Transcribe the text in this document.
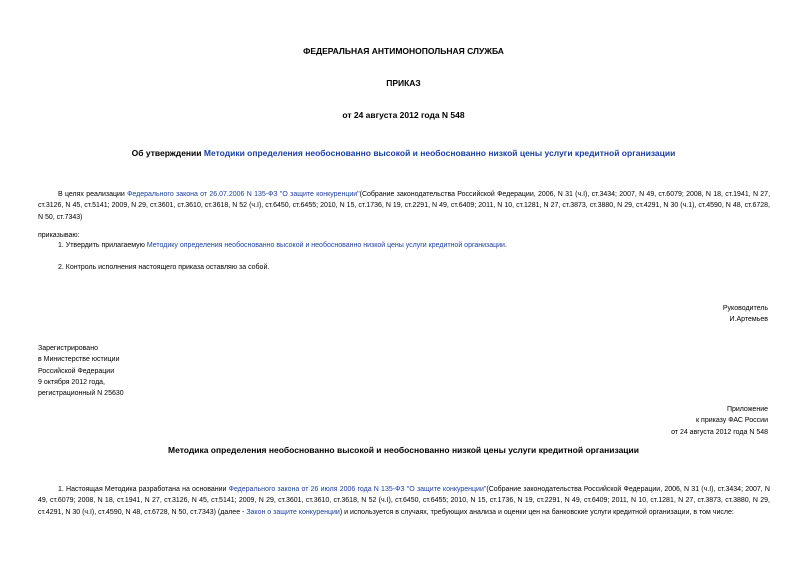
ФЕДЕРАЛЬНАЯ АНТИМОНОПОЛЬНАЯ СЛУЖБА
ПРИКАЗ
от 24 августа 2012 года N 548
Об утверждении Методики определения необоснованно высокой и необоснованно низкой цены услуги кредитной организации
В целях реализации Федерального закона от 26.07.2006 N 135-ФЗ "О защите конкуренции"(Собрание законодательства Российской Федерации, 2006, N 31 (ч.I), ст.3434; 2007, N 49, ст.6079; 2008, N 18, ст.1941, N 27, ст.3126, N 45, ст.5141; 2009, N 29, ст.3601, ст.3610, ст.3618, N 52 (ч.I), ст.6450, ст.6455; 2010, N 15, ст.1736, N 19, ст.2291, N 49, ст.6409; 2011, N 10, ст.1281, N 27, ст.3873, ст.3880, N 29, ст.4291, N 30 (ч.1), ст.4590, N 48, ст.6728, N 50, ст.7343)
приказываю:
1. Утвердить прилагаемую Методику определения необоснованно высокой и необоснованно низкой цены услуги кредитной организации.
2. Контроль исполнения настоящего приказа оставляю за собой.
Руководитель
И.Артемьев
Зарегистрировано
в Министерстве юстиции
Российской Федерации
9 октября 2012 года,
регистрационный N 25630
Приложение
к приказу ФАС России
от 24 августа 2012 года N 548
Методика определения необоснованно высокой и необоснованно низкой цены услуги кредитной организации
1. Настоящая Методика разработана на основании Федерального закона от 26 июля 2006 года N 135-ФЗ "О защите конкуренции"(Собрание законодательства Российской Федерации, 2006, N 31 (ч.I), ст.3434; 2007, N 49, ст.6079; 2008, N 18, ст.1941, N 27, ст.3126, N 45, ст.5141; 2009, N 29, ст.3601, ст.3610, ст.3618, N 52 (ч.I), ст.6450, ст.6455; 2010, N 15, ст.1736, N 19, ст.2291, N 49, ст.6409; 2011, N 10, ст.1281, N 27, ст.3873, ст.3880, N 29, ст.4291, N 30 (ч.I), ст.4590, N 48, ст.6728, N 50, ст.7343) (далее - Закон о защите конкуренции) и используется в случаях, требующих анализа и оценки цен на банковские услуги кредитной организации, в том числе:
